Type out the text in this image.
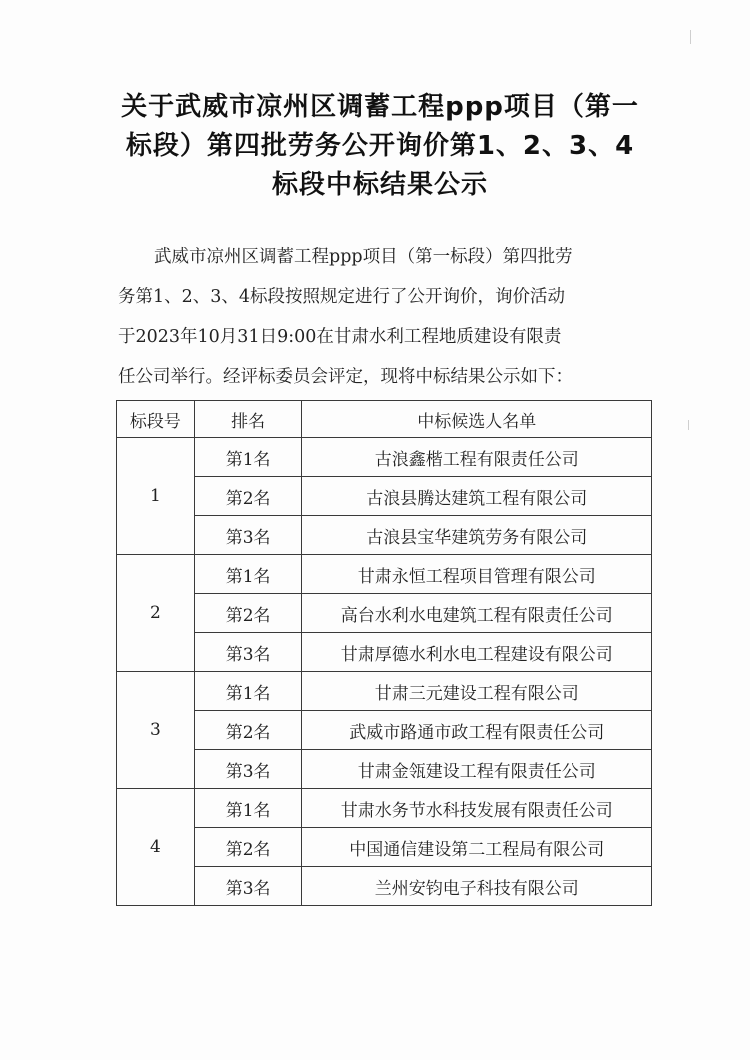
关于武威市凉州区调蓄工程ppp项目（第一
标段）第四批劳务公开询价第1、2、3、4
标段中标结果公示
武威市凉州区调蓄工程ppp项目（第一标段）第四批劳
务第1、2、3、4标段按照规定进行了公开询价，询价活动
于2023年10月31日9:00在甘肃水利工程地质建设有限责
任公司举行。经评标委员会评定，现将中标结果公示如下：
标段号	排名	中标候选人名单
1	第1名	古浪鑫楷工程有限责任公司
	第2名	古浪县腾达建筑工程有限公司
	第3名	古浪县宝华建筑劳务有限公司
2	第1名	甘肃永恒工程项目管理有限公司
	第2名	高台水利水电建筑工程有限责任公司
	第3名	甘肃厚德水利水电工程建设有限公司
3	第1名	甘肃三元建设工程有限公司
	第2名	武威市路通市政工程有限责任公司
	第3名	甘肃金瓴建设工程有限责任公司
4	第1名	甘肃水务节水科技发展有限责任公司
	第2名	中国通信建设第二工程局有限公司
	第3名	兰州安钧电子科技有限公司
